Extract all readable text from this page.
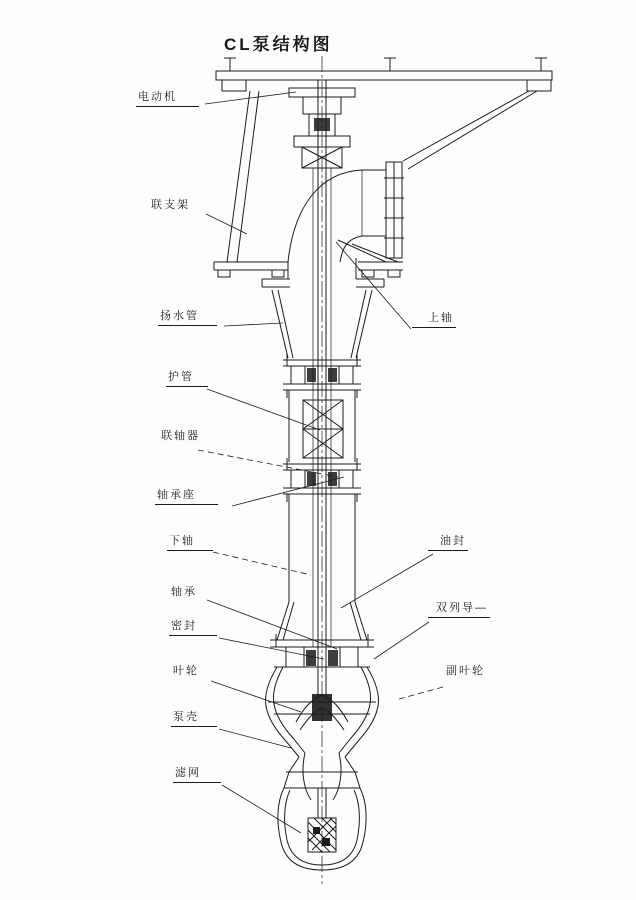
CL泵结构图
电动机
联支架
扬水管
护管
联轴器
轴承座
下轴
轴承
密封
叶轮
泵壳
滤网
上轴
油封
双列导—
副叶轮
